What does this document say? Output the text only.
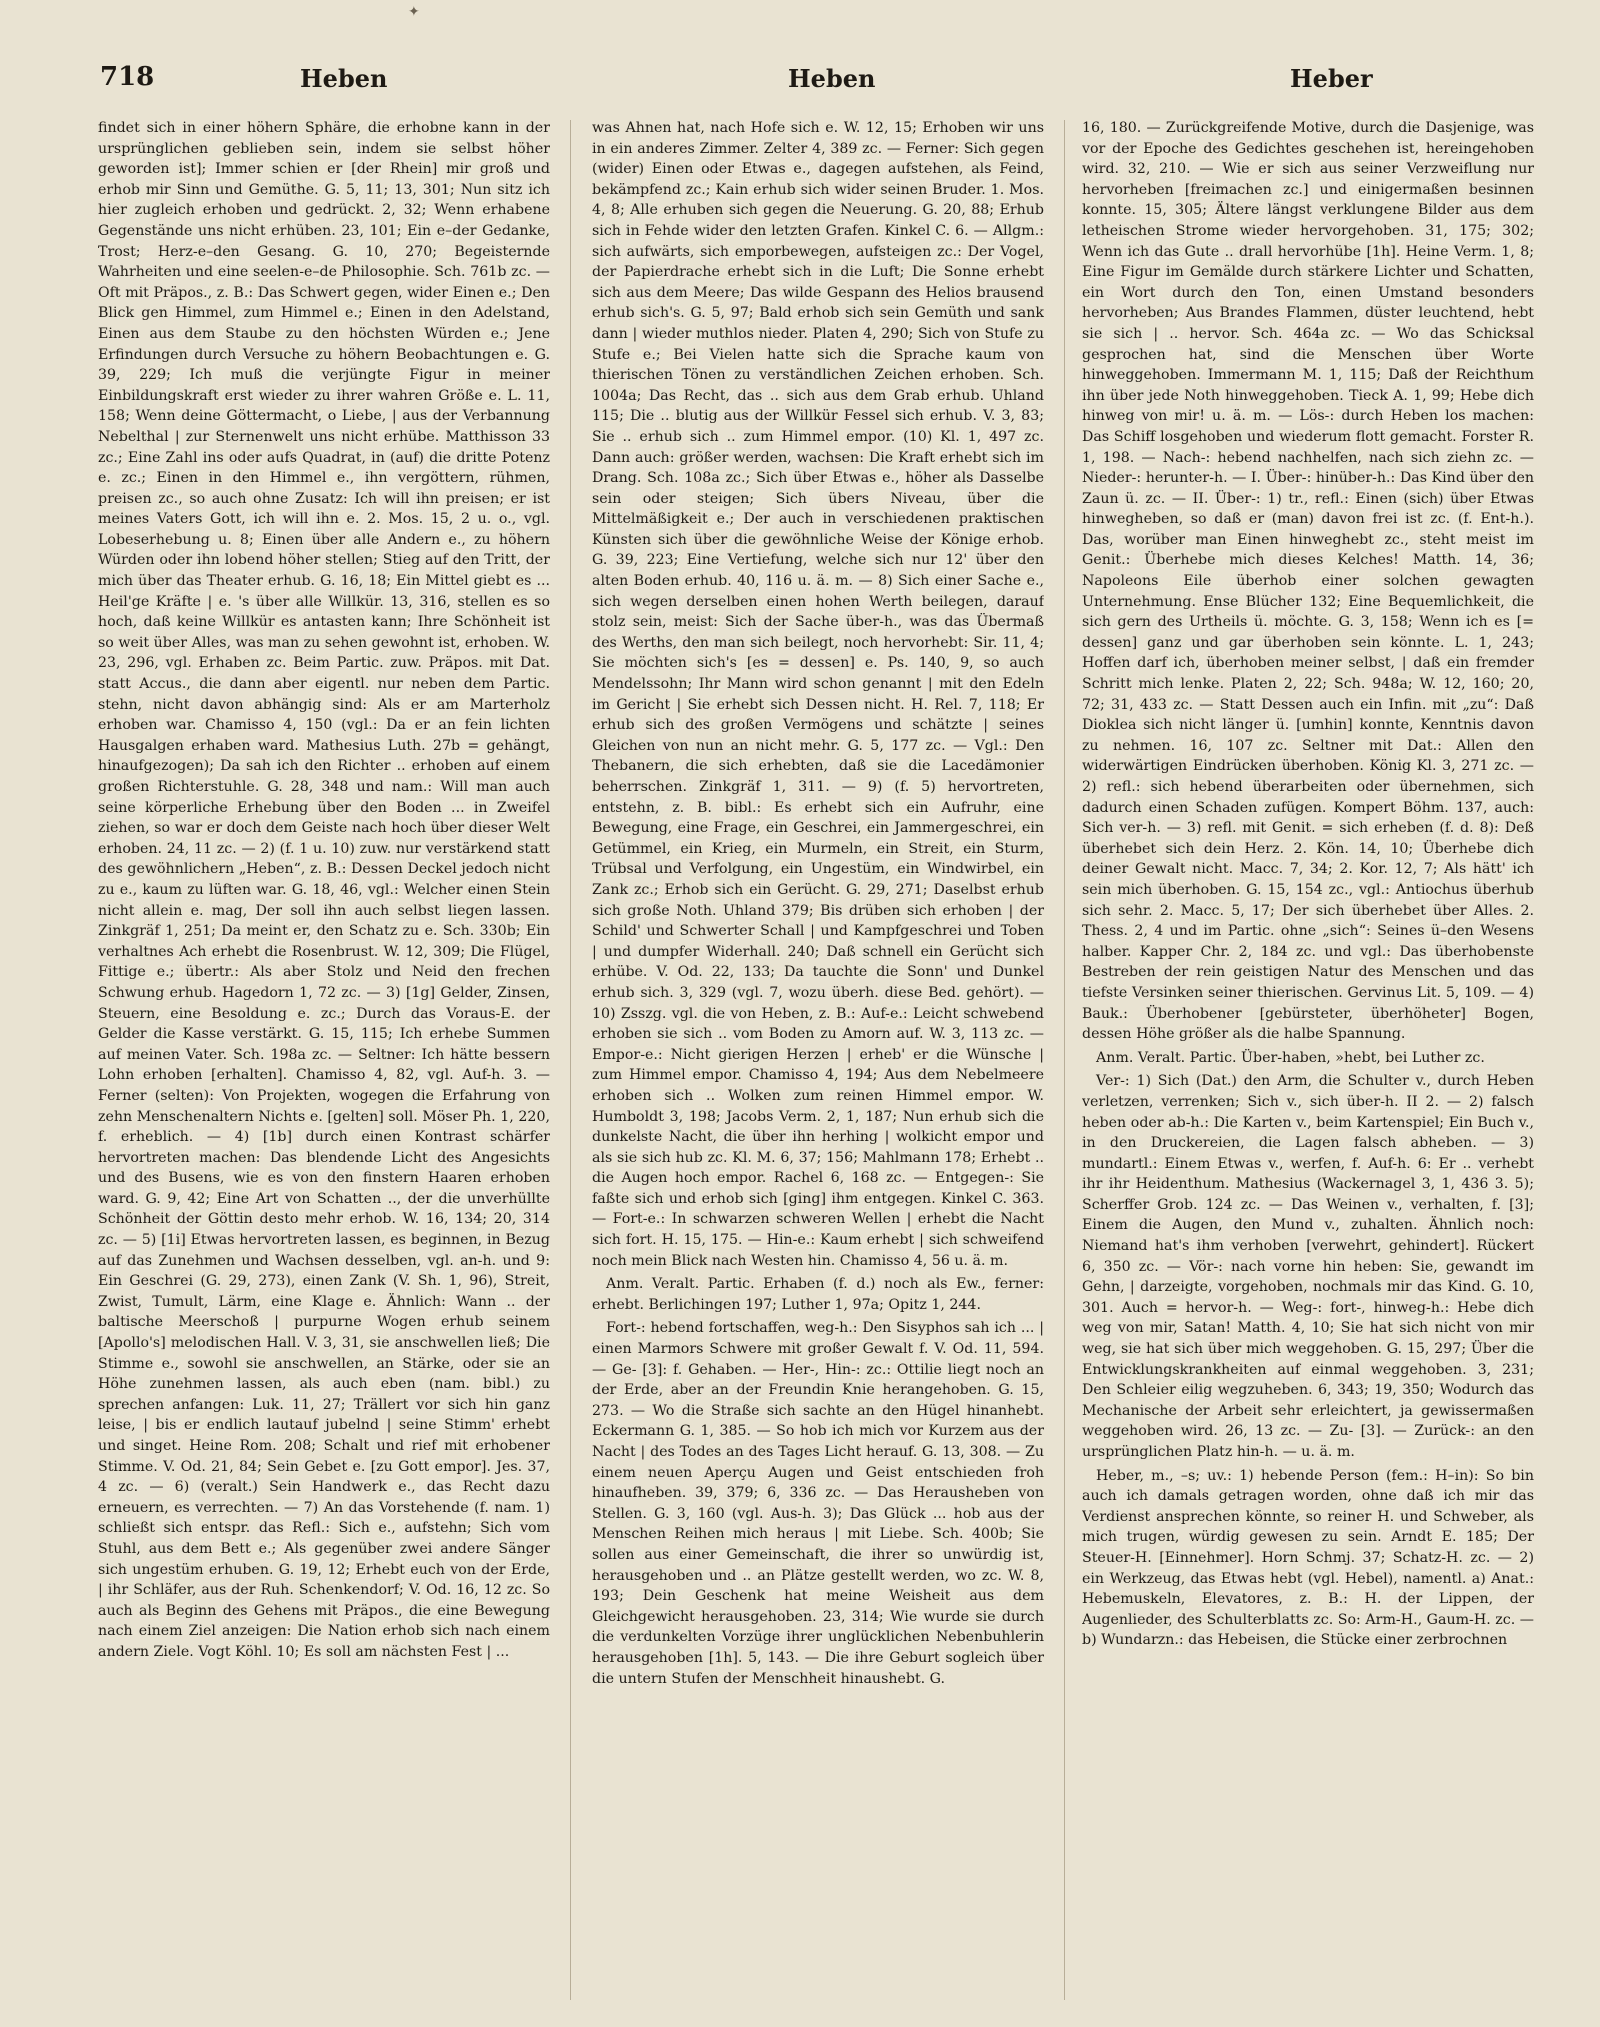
✦
718	Heben	Heben	Heber

findet sich in einer höhern Sphäre, die erhobne kann in der ursprünglichen geblieben sein, indem sie selbst höher geworden ist]; Immer schien er [der Rhein] mir groß und erhob mir Sinn und Gemüthe. G. 5, 11; 13, 301; Nun sitz ich hier zugleich erhoben und gedrückt. 2, 32; Wenn erhabene Gegenstände uns nicht erhüben. 23, 101; Ein e–der Gedanke, Trost; Herz-e–den Gesang. G. 10, 270; Begeisternde Wahrheiten und eine seelen-e–de Philosophie. Sch. 761b zc. — Oft mit Präpos., z. B.: Das Schwert gegen, wider Einen e.; Den Blick gen Himmel, zum Himmel e.; Einen in den Adelstand, Einen aus dem Staube zu den höchsten Würden e.; Jene Erfindungen durch Versuche zu höhern Beobachtungen e. G. 39, 229; Ich muß die verjüngte Figur in meiner Einbildungskraft erst wieder zu ihrer wahren Größe e. L. 11, 158; Wenn deine Göttermacht, o Liebe, | aus der Verbannung Nebelthal | zur Sternenwelt uns nicht erhübe. Matthisson 33 zc.; Eine Zahl ins oder aufs Quadrat, in (auf) die dritte Potenz e. zc.; Einen in den Himmel e., ihn vergöttern, rühmen, preisen zc., so auch ohne Zusatz: Ich will ihn preisen; er ist meines Vaters Gott, ich will ihn e. 2. Mos. 15, 2 u. o., vgl. Lobeserhebung u. 8; Einen über alle Andern e., zu höhern Würden oder ihn lobend höher stellen; Stieg auf den Tritt, der mich über das Theater erhub. G. 16, 18; Ein Mittel giebt es ... Heil'ge Kräfte | e. 's über alle Willkür. 13, 316, stellen es so hoch, daß keine Willkür es antasten kann; Ihre Schönheit ist so weit über Alles, was man zu sehen gewohnt ist, erhoben. W. 23, 296, vgl. Erhaben zc. Beim Partic. zuw. Präpos. mit Dat. statt Accus., die dann aber eigentl. nur neben dem Partic. stehn, nicht davon abhängig sind: Als er am Marterholz erhoben war. Chamisso 4, 150 (vgl.: Da er an fein lichten Hausgalgen erhaben ward. Mathesius Luth. 27b = gehängt, hinaufgezogen); Da sah ich den Richter .. erhoben auf einem großen Richterstuhle. G. 28, 348 und nam.: Will man auch seine körperliche Erhebung über den Boden ... in Zweifel ziehen, so war er doch dem Geiste nach hoch über dieser Welt erhoben. 24, 11 zc. — 2) (f. 1 u. 10) zuw. nur verstärkend statt des gewöhnlichern „Heben“, z. B.: Dessen Deckel jedoch nicht zu e., kaum zu lüften war. G. 18, 46, vgl.: Welcher einen Stein nicht allein e. mag, Der soll ihn auch selbst liegen lassen. Zinkgräf 1, 251; Da meint er, den Schatz zu e. Sch. 330b; Ein verhaltnes Ach erhebt die Rosenbrust. W. 12, 309; Die Flügel, Fittige e.; übertr.: Als aber Stolz und Neid den frechen Schwung erhub. Hagedorn 1, 72 zc. — 3) [1g] Gelder, Zinsen, Steuern, eine Besoldung e. zc.; Durch das Voraus-E. der Gelder die Kasse verstärkt. G. 15, 115; Ich erhebe Summen auf meinen Vater. Sch. 198a zc. — Seltner: Ich hätte bessern Lohn erhoben [erhalten]. Chamisso 4, 82, vgl. Auf-h. 3. — Ferner (selten): Von Projekten, wogegen die Erfahrung von zehn Menschenaltern Nichts e. [gelten] soll. Möser Ph. 1, 220, f. erheblich. — 4) [1b] durch einen Kontrast schärfer hervortreten machen: Das blendende Licht des Angesichts und des Busens, wie es von den finstern Haaren erhoben ward. G. 9, 42; Eine Art von Schatten .., der die unverhüllte Schönheit der Göttin desto mehr erhob. W. 16, 134; 20, 314 zc. — 5) [1i] Etwas hervortreten lassen, es beginnen, in Bezug auf das Zunehmen und Wachsen desselben, vgl. an-h. und 9: Ein Geschrei (G. 29, 273), einen Zank (V. Sh. 1, 96), Streit, Zwist, Tumult, Lärm, eine Klage e. Ähnlich: Wann .. der baltische Meerschoß | purpurne Wogen erhub seinem [Apollo's] melodischen Hall. V. 3, 31, sie anschwellen ließ; Die Stimme e., sowohl sie anschwellen, an Stärke, oder sie an Höhe zunehmen lassen, als auch eben (nam. bibl.) zu sprechen anfangen: Luk. 11, 27; Trällert vor sich hin ganz leise, | bis er endlich lautauf jubelnd | seine Stimm' erhebt und singet. Heine Rom. 208; Schalt und rief mit erhobener Stimme. V. Od. 21, 84; Sein Gebet e. [zu Gott empor]. Jes. 37, 4 zc. — 6) (veralt.) Sein Handwerk e., das Recht dazu erneuern, es verrechten. — 7) An das Vorstehende (f. nam. 1) schließt sich entspr. das Refl.: Sich e., aufstehn; Sich vom Stuhl, aus dem Bett e.; Als gegenüber zwei andere Sänger sich ungestüm erhuben. G. 19, 12; Erhebt euch von der Erde, | ihr Schläfer, aus der Ruh. Schenkendorf; V. Od. 16, 12 zc. So auch als Beginn des Gehens mit Präpos., die eine Bewegung nach einem Ziel anzeigen: Die Nation erhob sich nach einem andern Ziele. Vogt Köhl. 10; Es soll am nächsten Fest | ...

was Ahnen hat, nach Hofe sich e. W. 12, 15; Erhoben wir uns in ein anderes Zimmer. Zelter 4, 389 zc. — Ferner: Sich gegen (wider) Einen oder Etwas e., dagegen aufstehen, als Feind, bekämpfend zc.; Kain erhub sich wider seinen Bruder. 1. Mos. 4, 8; Alle erhuben sich gegen die Neuerung. G. 20, 88; Erhub sich in Fehde wider den letzten Grafen. Kinkel C. 6. — Allgm.: sich aufwärts, sich emporbewegen, aufsteigen zc.: Der Vogel, der Papierdrache erhebt sich in die Luft; Die Sonne erhebt sich aus dem Meere; Das wilde Gespann des Helios brausend erhub sich's. G. 5, 97; Bald erhob sich sein Gemüth und sank dann | wieder muthlos nieder. Platen 4, 290; Sich von Stufe zu Stufe e.; Bei Vielen hatte sich die Sprache kaum von thierischen Tönen zu verständlichen Zeichen erhoben. Sch. 1004a; Das Recht, das .. sich aus dem Grab erhub. Uhland 115; Die .. blutig aus der Willkür Fessel sich erhub. V. 3, 83; Sie .. erhub sich .. zum Himmel empor. (10) Kl. 1, 497 zc. Dann auch: größer werden, wachsen: Die Kraft erhebt sich im Drang. Sch. 108a zc.; Sich über Etwas e., höher als Dasselbe sein oder steigen; Sich übers Niveau, über die Mittelmäßigkeit e.; Der auch in verschiedenen praktischen Künsten sich über die gewöhnliche Weise der Könige erhob. G. 39, 223; Eine Vertiefung, welche sich nur 12' über den alten Boden erhub. 40, 116 u. ä. m. — 8) Sich einer Sache e., sich wegen derselben einen hohen Werth beilegen, darauf stolz sein, meist: Sich der Sache über-h., was das Übermaß des Werths, den man sich beilegt, noch hervorhebt: Sir. 11, 4; Sie möchten sich's [es = dessen] e. Ps. 140, 9, so auch Mendelssohn; Ihr Mann wird schon genannt | mit den Edeln im Gericht | Sie erhebt sich Dessen nicht. H. Rel. 7, 118; Er erhub sich des großen Vermögens und schätzte | seines Gleichen von nun an nicht mehr. G. 5, 177 zc. — Vgl.: Den Thebanern, die sich erhebten, daß sie die Lacedämonier beherrschen. Zinkgräf 1, 311. — 9) (f. 5) hervortreten, entstehn, z. B. bibl.: Es erhebt sich ein Aufruhr, eine Bewegung, eine Frage, ein Geschrei, ein Jammergeschrei, ein Getümmel, ein Krieg, ein Murmeln, ein Streit, ein Sturm, Trübsal und Verfolgung, ein Ungestüm, ein Windwirbel, ein Zank zc.; Erhob sich ein Gerücht. G. 29, 271; Daselbst erhub sich große Noth. Uhland 379; Bis drüben sich erhoben | der Schild' und Schwerter Schall | und Kampfgeschrei und Toben | und dumpfer Widerhall. 240; Daß schnell ein Gerücht sich erhübe. V. Od. 22, 133; Da tauchte die Sonn' und Dunkel erhub sich. 3, 329 (vgl. 7, wozu überh. diese Bed. gehört). — 10) Zsszg. vgl. die von Heben, z. B.: Auf-e.: Leicht schwebend erhoben sie sich .. vom Boden zu Amorn auf. W. 3, 113 zc. — Empor-e.: Nicht gierigen Herzen | erheb' er die Wünsche | zum Himmel empor. Chamisso 4, 194; Aus dem Nebelmeere erhoben sich .. Wolken zum reinen Himmel empor. W. Humboldt 3, 198; Jacobs Verm. 2, 1, 187; Nun erhub sich die dunkelste Nacht, die über ihn herhing | wolkicht empor und als sie sich hub zc. Kl. M. 6, 37; 156; Mahlmann 178; Erhebt .. die Augen hoch empor. Rachel 6, 168 zc. — Entgegen-: Sie faßte sich und erhob sich [ging] ihm entgegen. Kinkel C. 363. — Fort-e.: In schwarzen schweren Wellen | erhebt die Nacht sich fort. H. 15, 175. — Hin-e.: Kaum erhebt | sich schweifend noch mein Blick nach Westen hin. Chamisso 4, 56 u. ä. m.

Anm. Veralt. Partic. Erhaben (f. d.) noch als Ew., ferner: erhebt. Berlichingen 197; Luther 1, 97a; Opitz 1, 244.

Fort-: hebend fortschaffen, weg-h.: Den Sisyphos sah ich ... | einen Marmors Schwere mit großer Gewalt f. V. Od. 11, 594. — Ge- [3]: f. Gehaben. — Her-, Hin-: zc.: Ottilie liegt noch an der Erde, aber an der Freundin Knie herangehoben. G. 15, 273. — Wo die Straße sich sachte an den Hügel hinanhebt. Eckermann G. 1, 385. — So hob ich mich vor Kurzem aus der Nacht | des Todes an des Tages Licht herauf. G. 13, 308. — Zu einem neuen Aperçu Augen und Geist entschieden froh hinaufheben. 39, 379; 6, 336 zc. — Das Herausheben von Stellen. G. 3, 160 (vgl. Aus-h. 3); Das Glück ... hob aus der Menschen Reihen mich heraus | mit Liebe. Sch. 400b; Sie sollen aus einer Gemeinschaft, die ihrer so unwürdig ist, herausgehoben und .. an Plätze gestellt werden, wo zc. W. 8, 193; Dein Geschenk hat meine Weisheit aus dem Gleichgewicht herausgehoben. 23, 314; Wie wurde sie durch die verdunkelten Vorzüge ihrer unglücklichen Nebenbuhlerin herausgehoben [1h]. 5, 143. — Die ihre Geburt sogleich über die untern Stufen der Menschheit hinaushebt. G.

16, 180. — Zurückgreifende Motive, durch die Dasjenige, was vor der Epoche des Gedichtes geschehen ist, hereingehoben wird. 32, 210. — Wie er sich aus seiner Verzweiflung nur hervorheben [freimachen zc.] und einigermaßen besinnen konnte. 15, 305; Ältere längst verklungene Bilder aus dem letheischen Strome wieder hervorgehoben. 31, 175; 302; Wenn ich das Gute .. drall hervorhübe [1h]. Heine Verm. 1, 8; Eine Figur im Gemälde durch stärkere Lichter und Schatten, ein Wort durch den Ton, einen Umstand besonders hervorheben; Aus Brandes Flammen, düster leuchtend, hebt sie sich | .. hervor. Sch. 464a zc. — Wo das Schicksal gesprochen hat, sind die Menschen über Worte hinweggehoben. Immermann M. 1, 115; Daß der Reichthum ihn über jede Noth hinweggehoben. Tieck A. 1, 99; Hebe dich hinweg von mir! u. ä. m. — Lös-: durch Heben los machen: Das Schiff losgehoben und wiederum flott gemacht. Forster R. 1, 198. — Nach-: hebend nachhelfen, nach sich ziehn zc. — Nieder-: herunter-h. — I. Über-: hinüber-h.: Das Kind über den Zaun ü. zc. — II. Über-: 1) tr., refl.: Einen (sich) über Etwas hinwegheben, so daß er (man) davon frei ist zc. (f. Ent-h.). Das, worüber man Einen hinweghebt zc., steht meist im Genit.: Überhebe mich dieses Kelches! Matth. 14, 36; Napoleons Eile überhob einer solchen gewagten Unternehmung. Ense Blücher 132; Eine Bequemlichkeit, die sich gern des Urtheils ü. möchte. G. 3, 158; Wenn ich es [= dessen] ganz und gar überhoben sein könnte. L. 1, 243; Hoffen darf ich, überhoben meiner selbst, | daß ein fremder Schritt mich lenke. Platen 2, 22; Sch. 948a; W. 12, 160; 20, 72; 31, 433 zc. — Statt Dessen auch ein Infin. mit „zu“: Daß Dioklea sich nicht länger ü. [umhin] konnte, Kenntnis davon zu nehmen. 16, 107 zc. Seltner mit Dat.: Allen den widerwärtigen Eindrücken überhoben. König Kl. 3, 271 zc. — 2) refl.: sich hebend überarbeiten oder übernehmen, sich dadurch einen Schaden zufügen. Kompert Böhm. 137, auch: Sich ver-h. — 3) refl. mit Genit. = sich erheben (f. d. 8): Deß überhebet sich dein Herz. 2. Kön. 14, 10; Überhebe dich deiner Gewalt nicht. Macc. 7, 34; 2. Kor. 12, 7; Als hätt' ich sein mich überhoben. G. 15, 154 zc., vgl.: Antiochus überhub sich sehr. 2. Macc. 5, 17; Der sich überhebet über Alles. 2. Thess. 2, 4 und im Partic. ohne „sich“: Seines ü–den Wesens halber. Kapper Chr. 2, 184 zc. und vgl.: Das überhobenste Bestreben der rein geistigen Natur des Menschen und das tiefste Versinken seiner thierischen. Gervinus Lit. 5, 109. — 4) Bauk.: Überhobener [gebürsteter, überhöheter] Bogen, dessen Höhe größer als die halbe Spannung.

Anm. Veralt. Partic. Über-haben, »hebt, bei Luther zc.

Ver-: 1) Sich (Dat.) den Arm, die Schulter v., durch Heben verletzen, verrenken; Sich v., sich über-h. II 2. — 2) falsch heben oder ab-h.: Die Karten v., beim Kartenspiel; Ein Buch v., in den Druckereien, die Lagen falsch abheben. — 3) mundartl.: Einem Etwas v., werfen, f. Auf-h. 6: Er .. verhebt ihr ihr Heidenthum. Mathesius (Wackernagel 3, 1, 436 3. 5); Scherffer Grob. 124 zc. — Das Weinen v., verhalten, f. [3]; Einem die Augen, den Mund v., zuhalten. Ähnlich noch: Niemand hat's ihm verhoben [verwehrt, gehindert]. Rückert 6, 350 zc. — Vör-: nach vorne hin heben: Sie, gewandt im Gehn, | darzeigte, vorgehoben, nochmals mir das Kind. G. 10, 301. Auch = hervor-h. — Weg-: fort-, hinweg-h.: Hebe dich weg von mir, Satan! Matth. 4, 10; Sie hat sich nicht von mir weg, sie hat sich über mich weggehoben. G. 15, 297; Über die Entwicklungskrankheiten auf einmal weggehoben. 3, 231; Den Schleier eilig wegzuheben. 6, 343; 19, 350; Wodurch das Mechanische der Arbeit sehr erleichtert, ja gewissermaßen weggehoben wird. 26, 13 zc. — Zu- [3]. — Zurück-: an den ursprünglichen Platz hin-h. — u. ä. m.

Heber, m., –s; uv.: 1) hebende Person (fem.: H–in): So bin auch ich damals getragen worden, ohne daß ich mir das Verdienst ansprechen könnte, so reiner H. und Schweber, als mich trugen, würdig gewesen zu sein. Arndt E. 185; Der Steuer-H. [Einnehmer]. Horn Schmj. 37; Schatz-H. zc. — 2) ein Werkzeug, das Etwas hebt (vgl. Hebel), namentl. a) Anat.: Hebemuskeln, Elevatores, z. B.: H. der Lippen, der Augenlieder, des Schulterblatts zc. So: Arm-H., Gaum-H. zc. — b) Wundarzn.: das Hebeisen, die Stücke einer zerbrochnen
